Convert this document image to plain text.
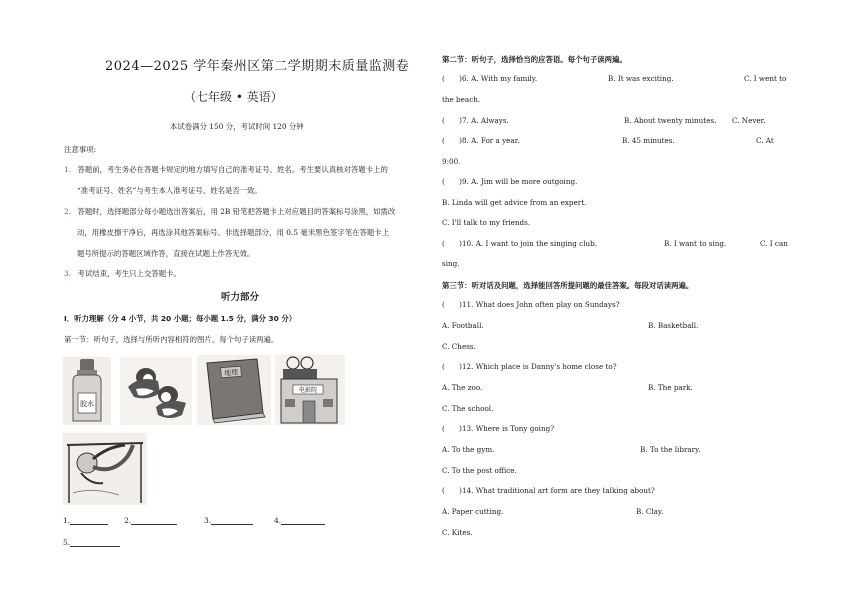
2024—2025 学年秦州区第二学期期末质量监测卷
（七年级 • 英语）
本试卷满分 150 分，考试时间 120 分钟
注意事项:
1. 答题前，考生务必在答题卡规定的地方填写自己的准考证号、姓名。考生要认真核对答题卡上的
“准考证号、姓名”与考生本人准考证号、姓名是否一致。
2. 答题时，选择题部分每小题选出答案后，用 2B 铅笔把答题卡上对应题目的答案标号涂黑，如需改
动，用橡皮擦干净后，再选涂其他答案标号。非选择题部分，用 0.5 毫米黑色签字笔在答题卡上
题号所提示的答题区域作答，直接在试题上作答无效。
3. 考试结束，考生只上交答题卡。
听力部分
I．听力理解（分 4 小节，共 20 小题；每小题 1.5 分，满分 30 分）
第一节：听句子，选择与所听内容相符的图片。每个句子读两遍。
胶水
地理
电影院
1.	2.	3.	4.
5.
第二节：听句子，选择恰当的应答语。每个句子读两遍。
(　　)6. A. With my family.	B. It was exciting.	C. I went to
the beach.
(　　)7. A. Always.	B. About twenty minutes. C. Never.
(　　)8. A. For a year.	B. 45 minutes.	C. At
9:00.
(　　)9. A. Jim will be more outgoing.
B. Linda will get advice from an expert.
C. I'll talk to my friends.
(　　)10. A. I want to join the singing club.	B. I want to sing.	C. I can
sing.
第三节：听对话及问题，选择能回答所提问题的最佳答案。每段对话读两遍。
(　　)11. What does John often play on Sundays?
A. Football.	B. Basketball.
C. Chess.
(　　)12. Which place is Danny's home close to?
A. The zoo.	B. The park.
C. The school.
(　　)13. Where is Tony going?
A. To the gym.	B. To the library.
C. To the post office.
(　　)14. What traditional art form are they talking about?
A. Paper cutting.	B. Clay.
C. Kites.
